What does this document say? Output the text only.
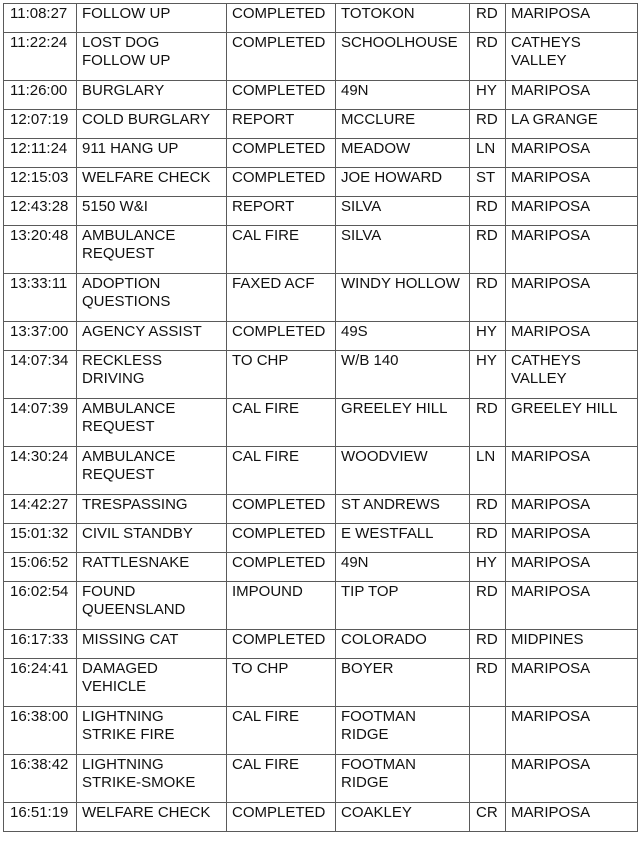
11:08:27	FOLLOW UP	COMPLETED	TOTOKON	RD	MARIPOSA
11:22:24	LOST DOG FOLLOW UP	COMPLETED	SCHOOLHOUSE	RD	CATHEYS VALLEY
11:26:00	BURGLARY	COMPLETED	49N	HY	MARIPOSA
12:07:19	COLD BURGLARY	REPORT	MCCLURE	RD	LA GRANGE
12:11:24	911 HANG UP	COMPLETED	MEADOW	LN	MARIPOSA
12:15:03	WELFARE CHECK	COMPLETED	JOE HOWARD	ST	MARIPOSA
12:43:28	5150 W&I	REPORT	SILVA	RD	MARIPOSA
13:20:48	AMBULANCE REQUEST	CAL FIRE	SILVA	RD	MARIPOSA
13:33:11	ADOPTION QUESTIONS	FAXED ACF	WINDY HOLLOW	RD	MARIPOSA
13:37:00	AGENCY ASSIST	COMPLETED	49S	HY	MARIPOSA
14:07:34	RECKLESS DRIVING	TO CHP	W/B 140	HY	CATHEYS VALLEY
14:07:39	AMBULANCE REQUEST	CAL FIRE	GREELEY HILL	RD	GREELEY HILL
14:30:24	AMBULANCE REQUEST	CAL FIRE	WOODVIEW	LN	MARIPOSA
14:42:27	TRESPASSING	COMPLETED	ST ANDREWS	RD	MARIPOSA
15:01:32	CIVIL STANDBY	COMPLETED	E WESTFALL	RD	MARIPOSA
15:06:52	RATTLESNAKE	COMPLETED	49N	HY	MARIPOSA
16:02:54	FOUND QUEENSLAND	IMPOUND	TIP TOP	RD	MARIPOSA
16:17:33	MISSING CAT	COMPLETED	COLORADO	RD	MIDPINES
16:24:41	DAMAGED VEHICLE	TO CHP	BOYER	RD	MARIPOSA
16:38:00	LIGHTNING STRIKE FIRE	CAL FIRE	FOOTMAN RIDGE		MARIPOSA
16:38:42	LIGHTNING STRIKE-SMOKE	CAL FIRE	FOOTMAN RIDGE		MARIPOSA
16:51:19	WELFARE CHECK	COMPLETED	COAKLEY	CR	MARIPOSA
